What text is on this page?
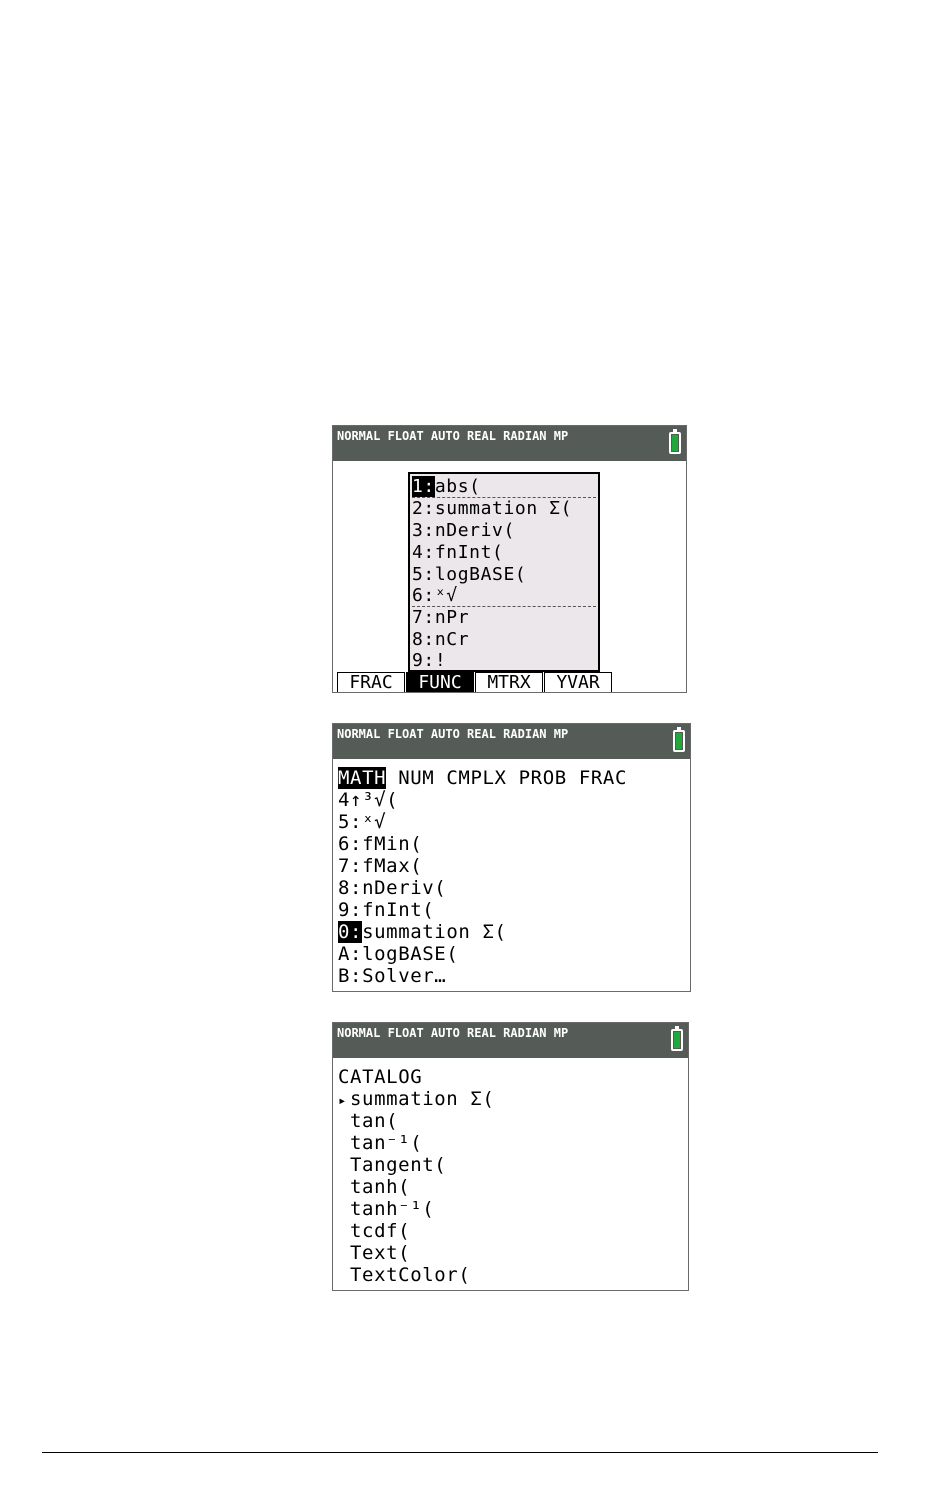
NORMAL FLOAT AUTO REAL RADIAN MP
1:abs(
2:summation Σ(
3:nDeriv(
4:fnInt(
5:logBASE(
6:ˣ√
7:nPr
8:nCr
9:!
FRAC	FUNC	MTRX	YVAR
NORMAL FLOAT AUTO REAL RADIAN MP
MATH NUM CMPLX PROB FRAC
4↑³√(
5:ˣ√
6:fMin(
7:fMax(
8:nDeriv(
9:fnInt(
0:summation Σ(
A:logBASE(
B:Solver…
NORMAL FLOAT AUTO REAL RADIAN MP
CATALOG
▸ summation Σ(
tan(
tan⁻¹(
Tangent(
tanh(
tanh⁻¹(
tcdf(
Text(
TextColor(
